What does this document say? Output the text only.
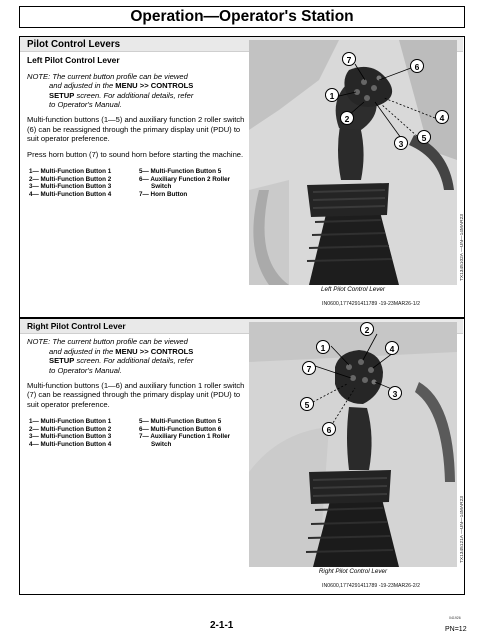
Operation—Operator's Station
Pilot Control Levers
Left Pilot Control Lever
NOTE: The current button profile can be viewed
and adjusted in the MENU >> CONTROLS
SETUP screen. For additional details, refer
to Operator's Manual.
Multi-function buttons (1—5) and auxiliary function 2 roller switch (6) can be reassigned through the primary display unit (PDU) to suit operator preference.
Press horn button (7) to sound horn before starting the machine.
1— Multi-Function Button 1
2— Multi-Function Button 2
3— Multi-Function Button 3
4— Multi-Function Button 4
5— Multi-Function Button 5
6— Auxiliary Function 2 Roller
Switch
7— Horn Button
7
6
1
4
2
5
3
TX1345102A —UN—14MAR23
Left Pilot Control Lever
IN0600,1774291411789 -19-23MAR26-1/2
Right Pilot Control Lever
NOTE: The current button profile can be viewed
and adjusted in the MENU >> CONTROLS
SETUP screen. For additional details, refer
to Operator's Manual.
Multi-function buttons (1—6) and auxiliary function 1 roller switch (7) can be reassigned through the primary display unit (PDU) to suit operator preference.
1— Multi-Function Button 1
2— Multi-Function Button 2
3— Multi-Function Button 3
4— Multi-Function Button 4
5— Multi-Function Button 5
6— Multi-Function Button 6
7— Auxiliary Function 1 Roller
Switch
2
1	4
7
3
5
6
TX1345121A —UN—14MAR23
Right Pilot Control Lever
IN0600,1774291411789 -19-23MAR26-2/2
2-1-1
041926
PN=12
